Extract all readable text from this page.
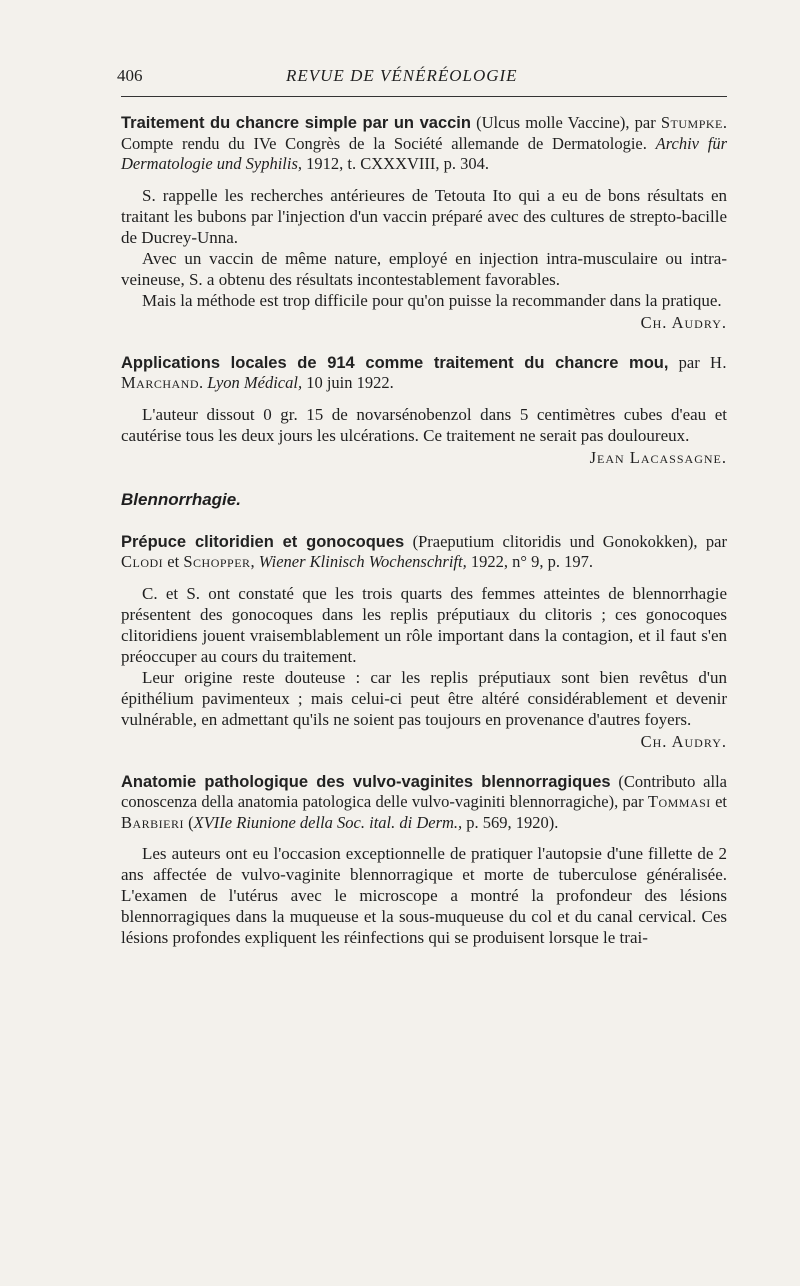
406	REVUE DE VÉNÉRÉOLOGIE

Traitement du chancre simple par un vaccin (Ulcus molle Vaccine), par Stumpke. Compte rendu du IVe Congrès de la Société allemande de Dermatologie. Archiv für Dermatologie und Syphilis, 1912, t. CXXXVIII, p. 304.

S. rappelle les recherches antérieures de Tetouta Ito qui a eu de bons résultats en traitant les bubons par l'injection d'un vaccin préparé avec des cultures de strepto-bacille de Ducrey-Unna.

Avec un vaccin de même nature, employé en injection intra-musculaire ou intra-veineuse, S. a obtenu des résultats incontestablement favorables.

Mais la méthode est trop difficile pour qu'on puisse la recommander dans la pratique.

Ch. Audry.

Applications locales de 914 comme traitement du chancre mou, par H. Marchand. Lyon Médical, 10 juin 1922.

L'auteur dissout 0 gr. 15 de novarsénobenzol dans 5 centimètres cubes d'eau et cautérise tous les deux jours les ulcérations. Ce traitement ne serait pas douloureux.

Jean Lacassagne.

Blennorrhagie.

Prépuce clitoridien et gonocoques (Praeputium clitoridis und Gonokokken), par Clodi et Schopper, Wiener Klinisch Wochenschrift, 1922, n° 9, p. 197.

C. et S. ont constaté que les trois quarts des femmes atteintes de blennorrhagie présentent des gonocoques dans les replis préputiaux du clitoris ; ces gonocoques clitoridiens jouent vraisemblablement un rôle important dans la contagion, et il faut s'en préoccuper au cours du traitement.

Leur origine reste douteuse : car les replis préputiaux sont bien revêtus d'un épithélium pavimenteux ; mais celui-ci peut être altéré considérablement et devenir vulnérable, en admettant qu'ils ne soient pas toujours en provenance d'autres foyers.

Ch. Audry.

Anatomie pathologique des vulvo-vaginites blennorragiques (Contributo alla conoscenza della anatomia patologica delle vulvo-vaginiti blennorragiche), par Tommasi et Barbieri (XVIIe Riunione della Soc. ital. di Derm., p. 569, 1920).

Les auteurs ont eu l'occasion exceptionnelle de pratiquer l'autopsie d'une fillette de 2 ans affectée de vulvo-vaginite blennorragique et morte de tuberculose généralisée. L'examen de l'utérus avec le microscope a montré la profondeur des lésions blennorragiques dans la muqueuse et la sous-muqueuse du col et du canal cervical. Ces lésions profondes expliquent les réinfections qui se produisent lorsque le trai-
